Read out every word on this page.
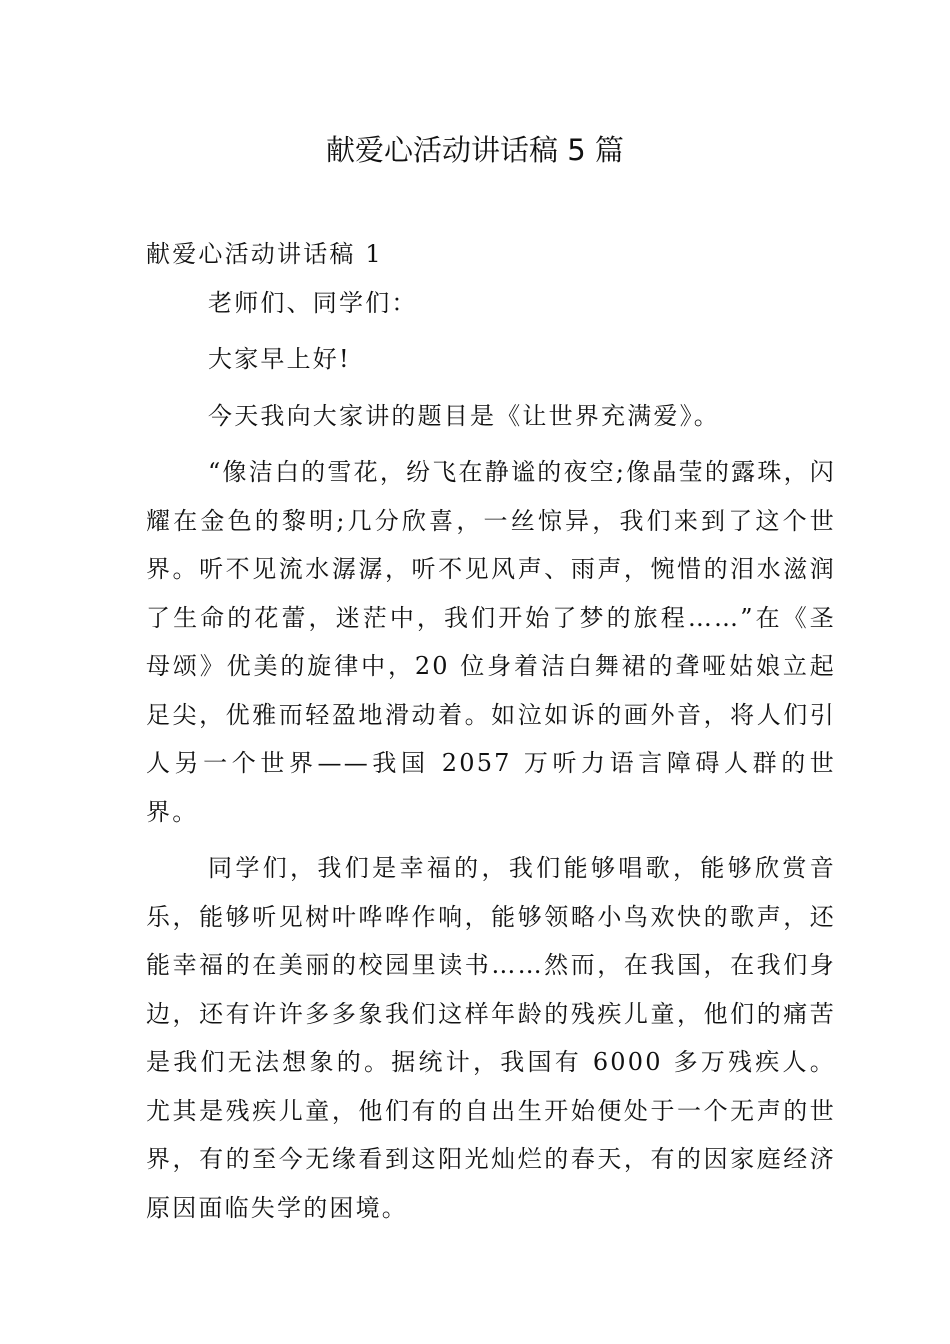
献爱心活动讲话稿 5 篇

献爱心活动讲话稿 1

老师们、同学们：

大家早上好!

今天我向大家讲的题目是《让世界充满爱》。

“像洁白的雪花，纷飞在静谧的夜空;像晶莹的露珠，闪耀在金色的黎明;几分欣喜，一丝惊异，我们来到了这个世界。听不见流水潺潺，听不见风声、雨声，惋惜的泪水滋润了生命的花蕾，迷茫中，我们开始了梦的旅程……”在《圣母颂》优美的旋律中，20 位身着洁白舞裙的聋哑姑娘立起足尖，优雅而轻盈地滑动着。如泣如诉的画外音，将人们引人另一个世界——我国 2057 万听力语言障碍人群的世界。

同学们，我们是幸福的，我们能够唱歌，能够欣赏音乐，能够听见树叶哗哗作响，能够领略小鸟欢快的歌声，还能幸福的在美丽的校园里读书……然而，在我国，在我们身边，还有许许多多象我们这样年龄的残疾儿童，他们的痛苦是我们无法想象的。据统计，我国有 6000 多万残疾人。尤其是残疾儿童，他们有的自出生开始便处于一个无声的世界，有的至今无缘看到这阳光灿烂的春天，有的因家庭经济原因面临失学的困境。
